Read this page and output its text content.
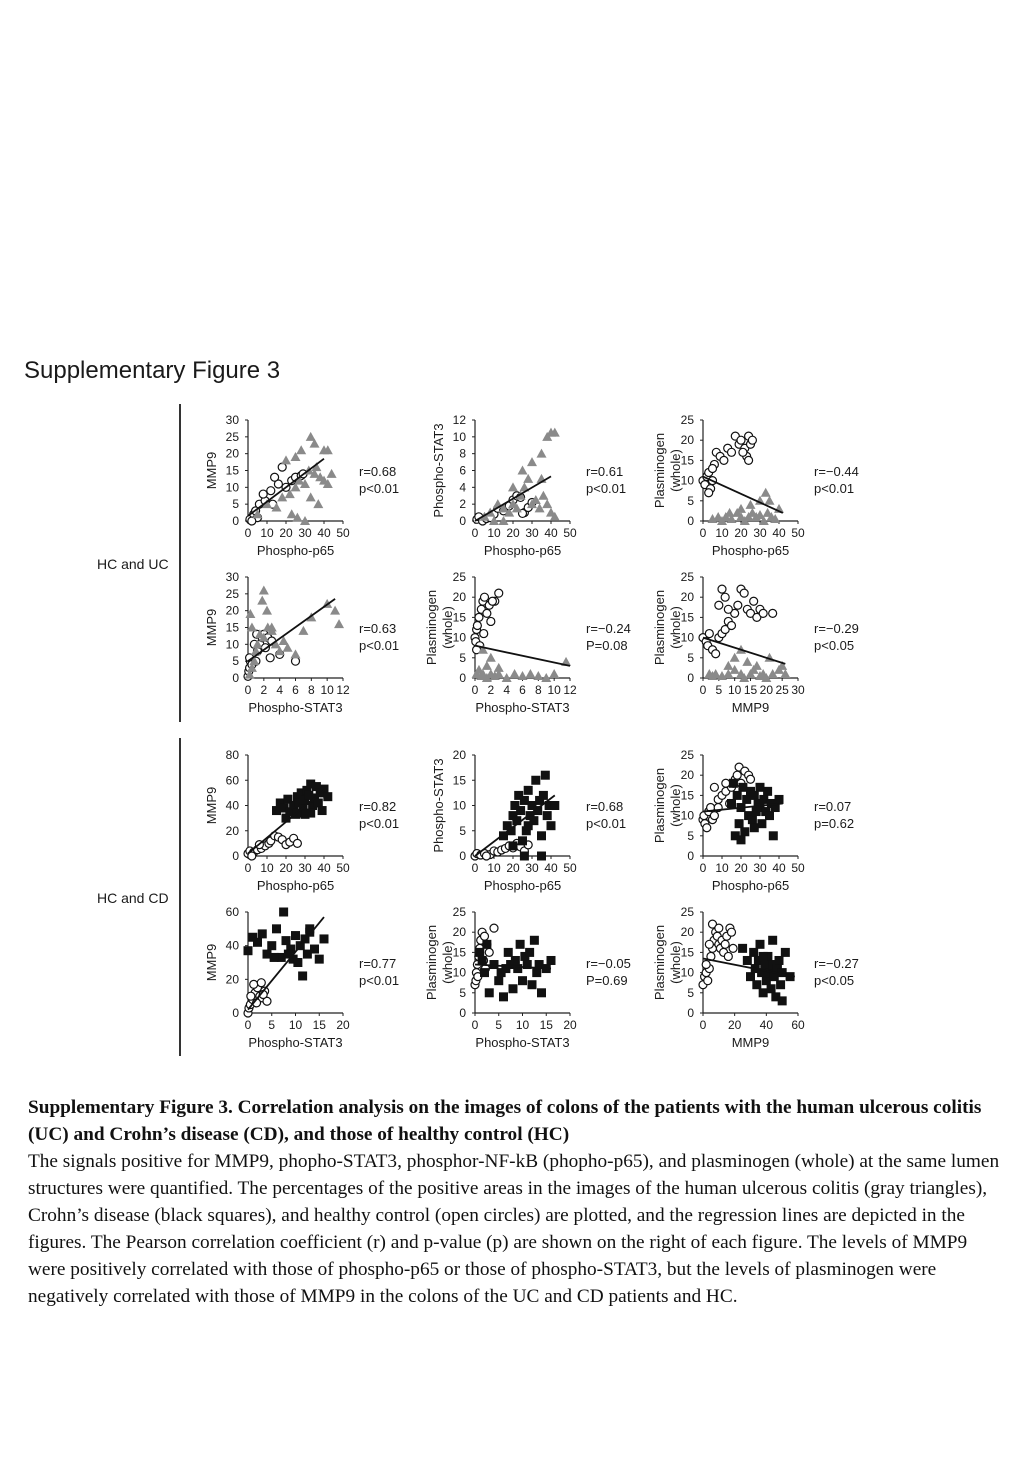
Supplementary Figure 3
HC and UC
HC and CD
0 10 20 30 40 50
0
5
10
15
20
25
30
Phospho-p65
MMP9	r=0.68
p<0.01
0 10 20 30 40 50
0
2
4
6
8
10
12
Phospho-p65
Phospho-STAT3	r=0.61
p<0.01
0 10 20 30 40 50
0
5
10
15
20
25
Phospho-p65
Plasminogen (whole)	r=−0.44
p<0.01
0 2 4 6 8 10 12
0
5
10
15
20
25
30
Phospho-STAT3
MMP9	r=0.63
p<0.01
0 2 4 6 8 10 12
0
5
10
15
20
25
Phospho-STAT3
Plasminogen (whole)	r=−0.24
P=0.08
0 5 10 15 20 25 30
0
5
10
15
20
25
MMP9
Plasminogen (whole)	r=−0.29
p<0.05
0 10 20 30 40 50
0
20
40
60
80
Phospho-p65
MMP9	r=0.82
p<0.01
0 10 20 30 40 50
0
5
10
15
20
Phospho-p65
Phospho-STAT3	r=0.68
p<0.01
0 10 20 30 40 50
0
5
10
15
20
25
Phospho-p65
Plasminogen (whole)	r=0.07
p=0.62
0 5 10 15 20
0
20
40
60
Phospho-STAT3
MMP9	r=0.77
p<0.01
0 5 10 15 20
0
5
10
15
20
25
Phospho-STAT3
Plasminogen (whole)	r=−0.05
P=0.69
0 20 40 60
0
5
10
15
20
25
MMP9
Plasminogen (whole)	r=−0.27
p<0.05

Supplementary Figure 3. Correlation analysis on the images of colons of the patients with the human ulcerous colitis (UC) and Crohn’s disease (CD), and those of healthy control (HC)

The signals positive for MMP9, phopho-STAT3, phosphor-NF-kB (phopho-p65), and plasminogen (whole) at the same lumen structures were quantified. The percentages of the positive areas in the images of the human ulcerous colitis (gray triangles), Crohn’s disease (black squares), and healthy control (open circles) are plotted, and the regression lines are depicted in the figures. The Pearson correlation coefficient (r) and p-value (p) are shown on the right of each figure. The levels of MMP9 were positively correlated with those of phospho-p65 or those of phospho-STAT3, but the levels of plasminogen were negatively correlated with those of MMP9 in the colons of the UC and CD patients and HC.
